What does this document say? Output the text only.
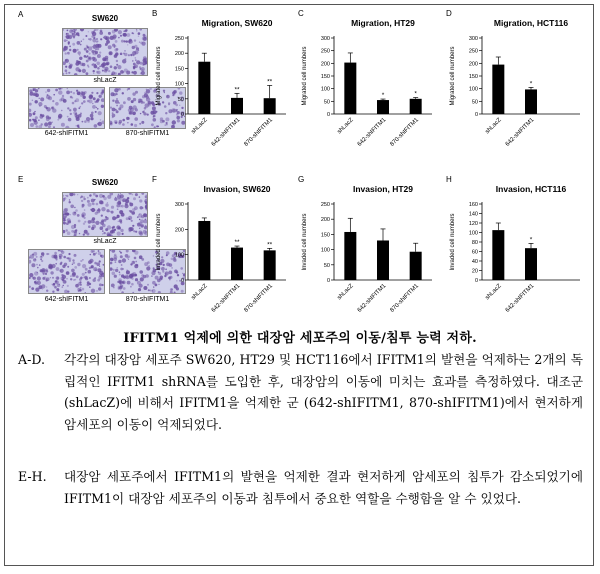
A	SW620
shLacZ
642-shIFITM1	870-shIFITM1
E	SW620
shLacZ
642-shIFITM1	870-shIFITM1
B
Migration, SW620
Migrated cell numbers
0
50
100
150
200
250
shLacZ
**
642-shIFITM1
**
870-shIFITM1
C
Migration, HT29
Migrated cell numbers
0
50
100
150
200
250
300
shLacZ
*
642-shIFITM1
*
870-shIFITM1
D
Migration, HCT116
Migrated cell numbers
0
50
100
150
200
250
300
shLacZ
*
642-shIFITM1
F
Invasion, SW620
Invaded cell numbers
0
100
200
300
shLacZ
**
642-shIFITM1
**
870-shIFITM1
G
Invasion, HT29
Invaded cell numbers
0
50
100
150
200
250
shLacZ 642-shIFITM1 870-shIFITM1
H
Invasion, HCT116
Invaded cell numbers
0
20
40
60
80
100
120
140
160
shLacZ
*
642-shIFITM1
IFITM1 억제에 의한 대장암 세포주의 이동/침투 능력 저하.
A-D. 각각의 대장암 세포주 SW620, HT29 및 HCT116에서 IFITM1의 발현을 억제하는 2개의 독립적인 IFITM1 shRNA를 도입한 후, 대장암의 이동에 미치는 효과를 측정하였다. 대조군 (shLacZ)에 비해서 IFITM1을 억제한 군 (642-shIFITM1, 870-shIFITM1)에서 현저하게 암세포의 이동이 억제되었다.
E-H. 대장암 세포주에서 IFITM1의 발현을 억제한 결과 현저하게 암세포의 침투가 감소되었기에 IFITM1이 대장암 세포주의 이동과 침투에서 중요한 역할을 수행함을 알 수 있었다.
